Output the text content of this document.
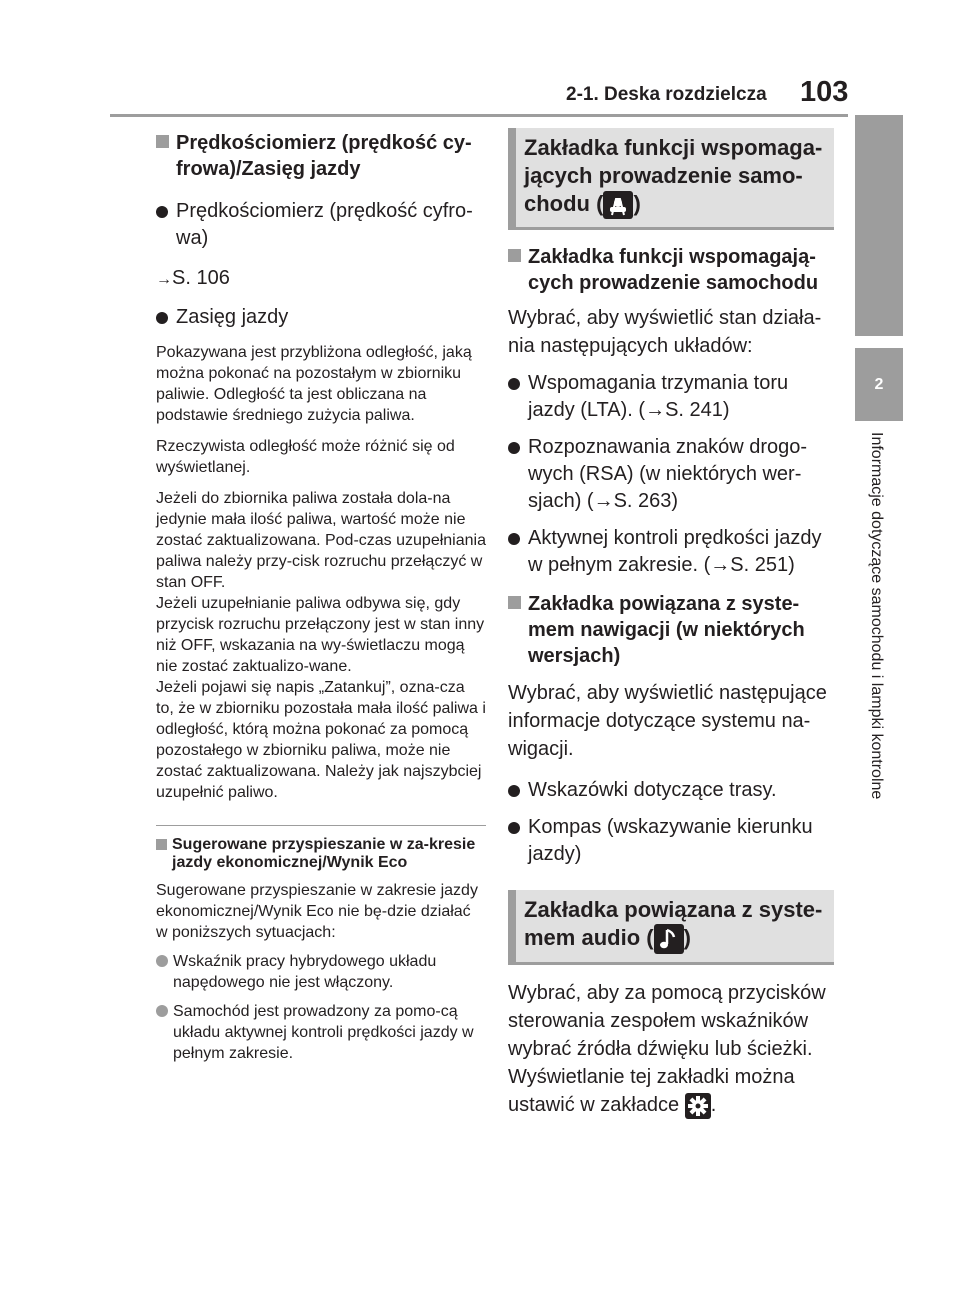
2-1. Deska rozdzielcza 103
2
Informacje dotyczące samochodu i lampki kontrolne

Prędkościomierz (prędkość cy-frowa)/Zasięg jazdy

Prędkościomierz (prędkość cyfro-wa)

→S. 106

Zasięg jazdy

Pokazywana jest przybliżona odległość, jaką można pokonać na pozostałym w zbiorniku paliwie. Odległość ta jest obliczana na podstawie średniego zużycia paliwa.

Rzeczywista odległość może różnić się od wyświetlanej.

Jeżeli do zbiornika paliwa została dola-na jedynie mała ilość paliwa, wartość może nie zostać zaktualizowana. Pod-czas uzupełniania paliwa należy przy-cisk rozruchu przełączyć w stan OFF.

Jeżeli uzupełnianie paliwa odbywa się, gdy przycisk rozruchu przełączony jest w stan inny niż OFF, wskazania na wy-świetlaczu mogą nie zostać zaktualizo-wane.

Jeżeli pojawi się napis „Zatankuj”, ozna-cza to, że w zbiorniku pozostała mała ilość paliwa i odległość, którą można pokonać za pomocą pozostałego w zbiorniku paliwa, może nie zostać zaktualizowana. Należy jak najszybciej uzupełnić paliwo.

Sugerowane przyspieszanie w za-kresie jazdy ekonomicznej/Wynik Eco

Sugerowane przyspieszanie w zakresie jazdy ekonomicznej/Wynik Eco nie bę-dzie działać w poniższych sytuacjach:

Wskaźnik pracy hybrydowego układu napędowego nie jest włączony.

Samochód jest prowadzony za pomo-cą układu aktywnej kontroli prędkości jazdy w pełnym zakresie.

Zakładka funkcji wspomaga-jących prowadzenie samo-chodu ( )

Zakładka funkcji wspomagają-cych prowadzenie samochodu

Wybrać, aby wyświetlić stan działa-nia następujących układów:

Wspomagania trzymania toru jazdy (LTA). (→S. 241)

Rozpoznawania znaków drogo-wych (RSA) (w niektórych wer-sjach) (→S. 263)

Aktywnej kontroli prędkości jazdy w pełnym zakresie. (→S. 251)

Zakładka powiązana z syste-mem nawigacji (w niektórych wersjach)

Wybrać, aby wyświetlić następujące informacje dotyczące systemu na-wigacji.

Wskazówki dotyczące trasy.

Kompas (wskazywanie kierunku jazdy)

Zakładka powiązana z syste-mem audio ( )

Wybrać, aby za pomocą przycisków sterowania zespołem wskaźników wybrać źródła dźwięku lub ścieżki. Wyświetlanie tej zakładki można ustawić w zakładce .
